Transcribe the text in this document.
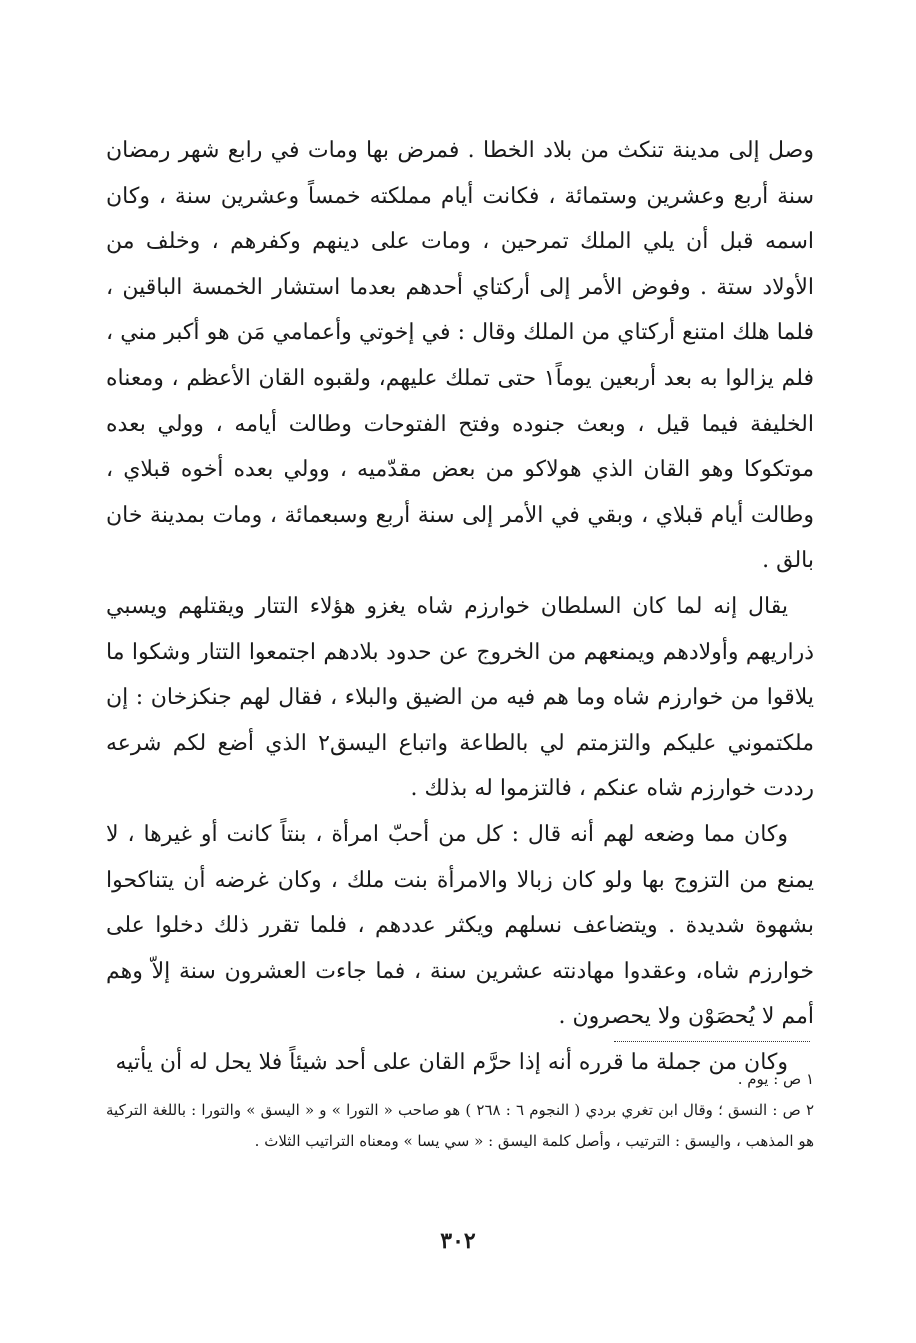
وصل إلى مدينة تنكث من بلاد الخطا . فمرض بها ومات في رابع شهر رمضان سنة أربع وعشرين وستمائة ، فكانت أيام مملكته خمساً وعشرين سنة ، وكان اسمه قبل أن يلي الملك تمرحين ، ومات على دينهم وكفرهم ، وخلف من الأولاد ستة . وفوض الأمر إلى أركتاي أحدهم بعدما استشار الخمسة الباقين ، فلما هلك امتنع أركتاي من الملك وقال : في إخوتي وأعمامي مَن هو أكبر مني ، فلم يزالوا به بعد أربعين يوماً١ حتى تملك عليهم، ولقبوه القان الأعظم ، ومعناه الخليفة فيما قيل ، وبعث جنوده وفتح الفتوحات وطالت أيامه ، وولي بعده موتكوكا وهو القان الذي هولاكو من بعض مقدّميه ، وولي بعده أخوه قبلاي ، وطالت أيام قبلاي ، وبقي في الأمر إلى سنة أربع وسبعمائة ، ومات بمدينة خان بالق .

يقال إنه لما كان السلطان خوارزم شاه يغزو هؤلاء التتار ويقتلهم ويسبي ذراريهم وأولادهم ويمنعهم من الخروج عن حدود بلادهم اجتمعوا التتار وشكوا ما يلاقوا من خوارزم شاه وما هم فيه من الضيق والبلاء ، فقال لهم جنكزخان : إن ملكتموني عليكم والتزمتم لي بالطاعة واتباع اليسق٢ الذي أضع لكم شرعه رددت خوارزم شاه عنكم ، فالتزموا له بذلك .

وكان مما وضعه لهم أنه قال : كل من أحبّ امرأة ، بنتاً كانت أو غيرها ، لا يمنع من التزوج بها ولو كان زبالا والامرأة بنت ملك ، وكان غرضه أن يتناكحوا بشهوة شديدة . ويتضاعف نسلهم ويكثر عددهم ، فلما تقرر ذلك دخلوا على خوارزم شاه، وعقدوا مهادنته عشرين سنة ، فما جاءت العشرون سنة إلاّ وهم أمم لا يُحصَوْن ولا يحصرون .

وكان من جملة ما قرره أنه إذا حرَّم القان على أحد شيئاً فلا يحل له أن يأتيه

١ ص : يوم .

٢ ص : النسق ؛ وقال ابن تغري بردي ( النجوم ٦ : ٢٦٨ ) هو صاحب « التورا » و « اليسق » والتورا : باللغة التركية هو المذهب ، واليسق : الترتيب ، وأصل كلمة اليسق : « سي يسا » ومعناه التراتيب الثلاث .

٣٠٢
